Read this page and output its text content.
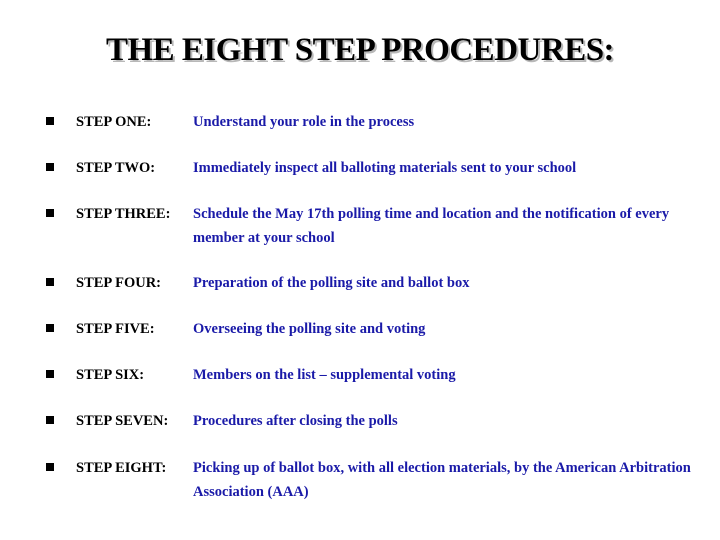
THE EIGHT STEP PROCEDURES:
STEP ONE:	Understand your role in the process
STEP TWO:	Immediately inspect all balloting materials sent to your school
STEP THREE: Schedule the May 17th polling time and location and the notification of every member at your school
STEP FOUR: Preparation of the polling site and ballot box
STEP FIVE:	Overseeing the polling site and voting
STEP SIX:	Members on the list – supplemental voting
STEP SEVEN: Procedures after closing the polls
STEP EIGHT: Picking up of ballot box, with all election materials, by the American Arbitration Association (AAA)
